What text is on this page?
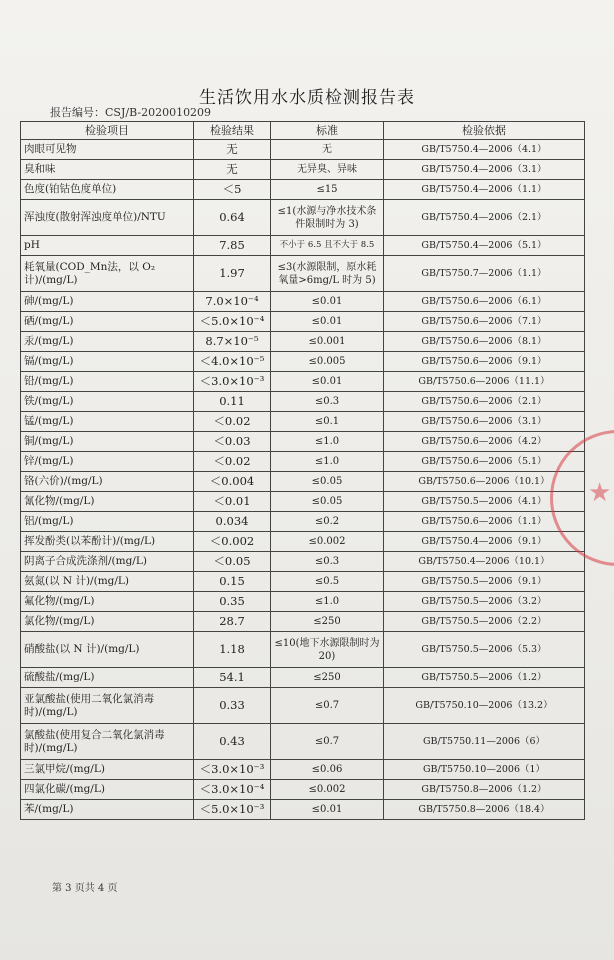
生活饮用水水质检测报告表
报告编号：CSJ/B-2020010209
检验项目	检验结果	标准	检验依据
肉眼可见物	无	无	GB/T5750.4—2006（4.1）
臭和味	无	无异臭、异味	GB/T5750.4—2006（3.1）
色度(铂钴色度单位)	＜5	≤15	GB/T5750.4—2006（1.1）
浑浊度(散射浑浊度单位)/NTU	0.64	≤1(水源与净水技术条件限制时为 3)	GB/T5750.4—2006（2.1）
pH	7.85	不小于 6.5 且不大于 8.5	GB/T5750.4—2006（5.1）
耗氧量(COD_Mn法，以 O₂计)/(mg/L)	1.97	≤3(水源限制，原水耗氧量>6mg/L 时为 5)	GB/T5750.7—2006（1.1）
砷/(mg/L)	7.0×10⁻⁴	≤0.01	GB/T5750.6—2006（6.1）
硒/(mg/L)	＜5.0×10⁻⁴	≤0.01	GB/T5750.6—2006（7.1）
汞/(mg/L)	8.7×10⁻⁵	≤0.001	GB/T5750.6—2006（8.1）
镉/(mg/L)	＜4.0×10⁻⁵	≤0.005	GB/T5750.6—2006（9.1）
铅/(mg/L)	＜3.0×10⁻³	≤0.01	GB/T5750.6—2006（11.1）
铁/(mg/L)	0.11	≤0.3	GB/T5750.6—2006（2.1）
锰/(mg/L)	＜0.02	≤0.1	GB/T5750.6—2006（3.1）
铜/(mg/L)	＜0.03	≤1.0	GB/T5750.6—2006（4.2）
锌/(mg/L)	＜0.02	≤1.0	GB/T5750.6—2006（5.1）
铬(六价)/(mg/L)	＜0.004	≤0.05	GB/T5750.6—2006（10.1）
氰化物/(mg/L)	＜0.01	≤0.05	GB/T5750.5—2006（4.1）
铝/(mg/L)	0.034	≤0.2	GB/T5750.6—2006（1.1）
挥发酚类(以苯酚计)/(mg/L)	＜0.002	≤0.002	GB/T5750.4—2006（9.1）
阴离子合成洗涤剂/(mg/L)	＜0.05	≤0.3	GB/T5750.4—2006（10.1）
氨氮(以 N 计)/(mg/L)	0.15	≤0.5	GB/T5750.5—2006（9.1）
氟化物/(mg/L)	0.35	≤1.0	GB/T5750.5—2006（3.2）
氯化物/(mg/L)	28.7	≤250	GB/T5750.5—2006（2.2）
硝酸盐(以 N 计)/(mg/L)	1.18	≤10(地下水源限制时为 20)	GB/T5750.5—2006（5.3）
硫酸盐/(mg/L)	54.1	≤250	GB/T5750.5—2006（1.2）
亚氯酸盐(使用二氧化氯消毒时)/(mg/L)	0.33	≤0.7	GB/T5750.10—2006（13.2）
氯酸盐(使用复合二氧化氯消毒时)/(mg/L)	0.43	≤0.7	GB/T5750.11—2006（6）
三氯甲烷/(mg/L)	＜3.0×10⁻³	≤0.06	GB/T5750.10—2006（1）
四氯化碳/(mg/L)	＜3.0×10⁻⁴	≤0.002	GB/T5750.8—2006（1.2）
苯/(mg/L)	＜5.0×10⁻³	≤0.01	GB/T5750.8—2006（18.4）
第 3 页共 4 页
★
